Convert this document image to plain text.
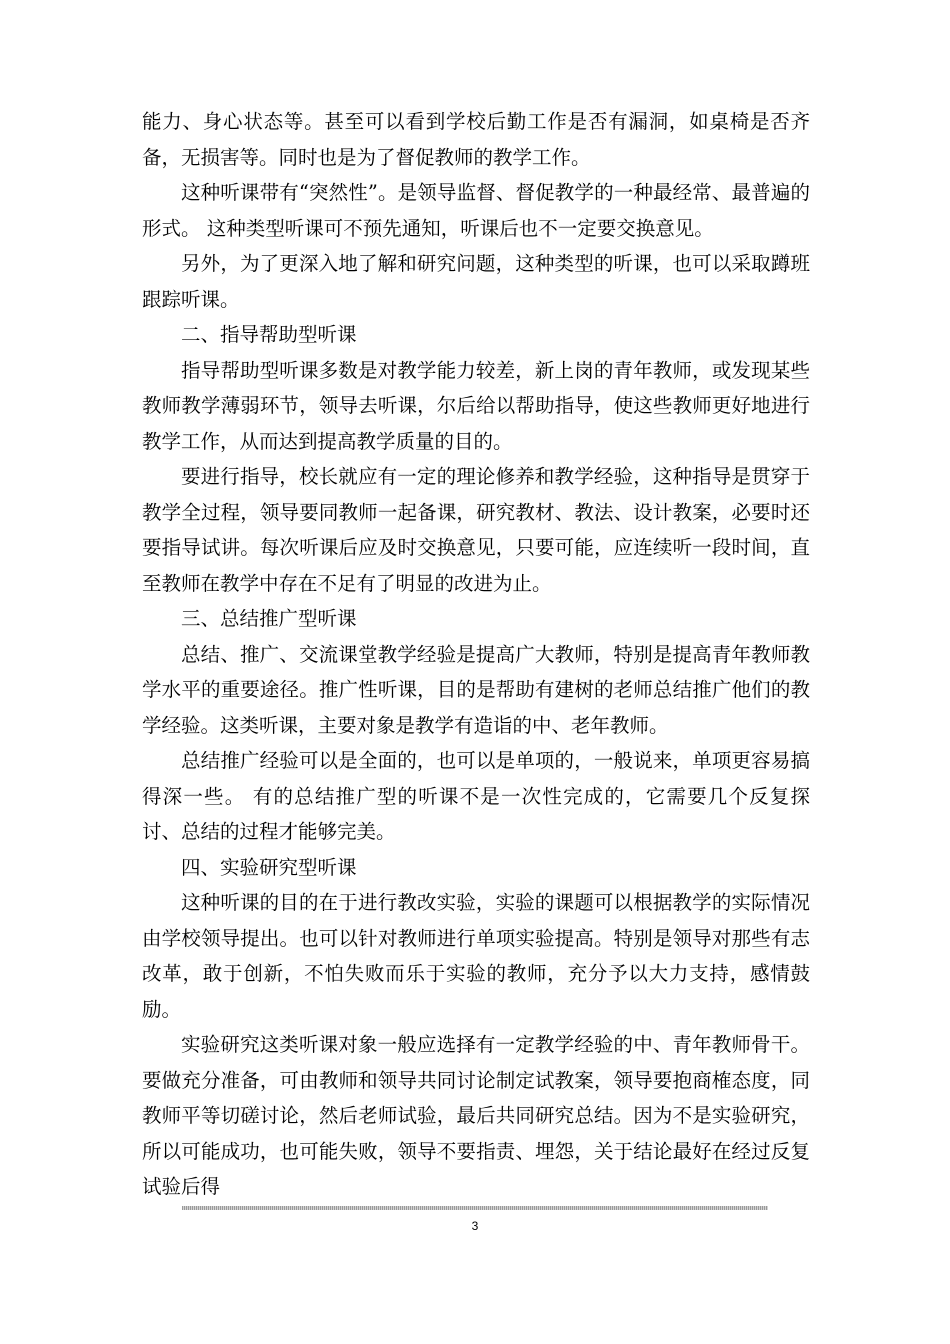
能力、身心状态等。甚至可以看到学校后勤工作是否有漏洞，如桌椅是否齐备，无损害等。同时也是为了督促教师的教学工作。

这种听课带有“突然性”。是领导监督、督促教学的一种最经常、最普遍的形式。 这种类型听课可不预先通知，听课后也不一定要交换意见。

另外，为了更深入地了解和研究问题，这种类型的听课，也可以采取蹲班跟踪听课。

二、指导帮助型听课

指导帮助型听课多数是对教学能力较差，新上岗的青年教师，或发现某些教师教学薄弱环节，领导去听课，尔后给以帮助指导，使这些教师更好地进行教学工作，从而达到提高教学质量的目的。

要进行指导，校长就应有一定的理论修养和教学经验，这种指导是贯穿于教学全过程，领导要同教师一起备课，研究教材、教法、设计教案，必要时还要指导试讲。每次听课后应及时交换意见，只要可能，应连续听一段时间，直至教师在教学中存在不足有了明显的改进为止。

三、总结推广型听课

总结、推广、交流课堂教学经验是提高广大教师，特别是提高青年教师教学水平的重要途径。推广性听课，目的是帮助有建树的老师总结推广他们的教学经验。这类听课，主要对象是教学有造诣的中、老年教师。

总结推广经验可以是全面的，也可以是单项的，一般说来，单项更容易搞得深一些。 有的总结推广型的听课不是一次性完成的，它需要几个反复探讨、总结的过程才能够完美。

四、实验研究型听课

这种听课的目的在于进行教改实验，实验的课题可以根据教学的实际情况由学校领导提出。也可以针对教师进行单项实验提高。特别是领导对那些有志改革，敢于创新，不怕失败而乐于实验的教师，充分予以大力支持，感情鼓励。

实验研究这类听课对象一般应选择有一定教学经验的中、青年教师骨干。要做充分准备，可由教师和领导共同讨论制定试教案，领导要抱商榷态度，同教师平等切磋讨论，然后老师试验，最后共同研究总结。因为不是实验研究，所以可能成功，也可能失败，领导不要指责、埋怨，关于结论最好在经过反复试验后得

3
